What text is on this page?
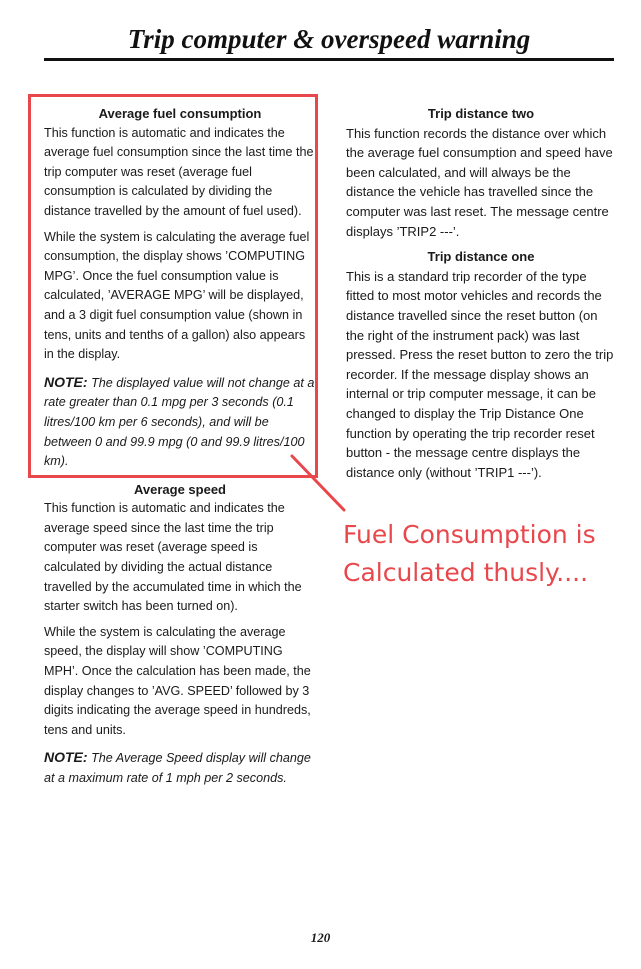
Trip computer & overspeed warning
Average fuel consumption

This function is automatic and indicates the average fuel consumption since the last time the trip computer was reset (average fuel consumption is calculated by dividing the distance travelled by the amount of fuel used).

While the system is calculating the average fuel consumption, the display shows ’COMPUTING MPG’. Once the fuel consumption value is calculated, ’AVERAGE MPG’ will be displayed, and a 3 digit fuel consumption value (shown in tens, units and tenths of a gallon) also appears in the display.

NOTE: The displayed value will not change at a rate greater than 0.1 mpg per 3 seconds (0.1 litres/100 km per 6 seconds), and will be between 0 and 99.9 mpg (0 and 99.9 litres/100 km).
Average speed

This function is automatic and indicates the average speed since the last time the trip computer was reset (average speed is calculated by dividing the actual distance travelled by the accumulated time in which the starter switch has been turned on).

While the system is calculating the average speed, the display will show ’COMPUTING MPH’. Once the calculation has been made, the display changes to ’AVG. SPEED’ followed by 3 digits indicating the average speed in hundreds, tens and units.

NOTE: The Average Speed display will change at a maximum rate of 1 mph per 2 seconds.
Trip distance two

This function records the distance over which the average fuel consumption and speed have been calculated, and will always be the distance the vehicle has travelled since the computer was last reset. The message centre displays ’TRIP2 ---’.

Trip distance one

This is a standard trip recorder of the type fitted to most motor vehicles and records the distance travelled since the reset button (on the right of the instrument pack) was last pressed. Press the reset button to zero the trip recorder. If the message display shows an internal or trip computer message, it can be changed to display the Trip Distance One function by operating the trip recorder reset button - the message centre displays the distance only (without ’TRIP1 ---’).

Fuel Consumption is Calculated thusly....
120
